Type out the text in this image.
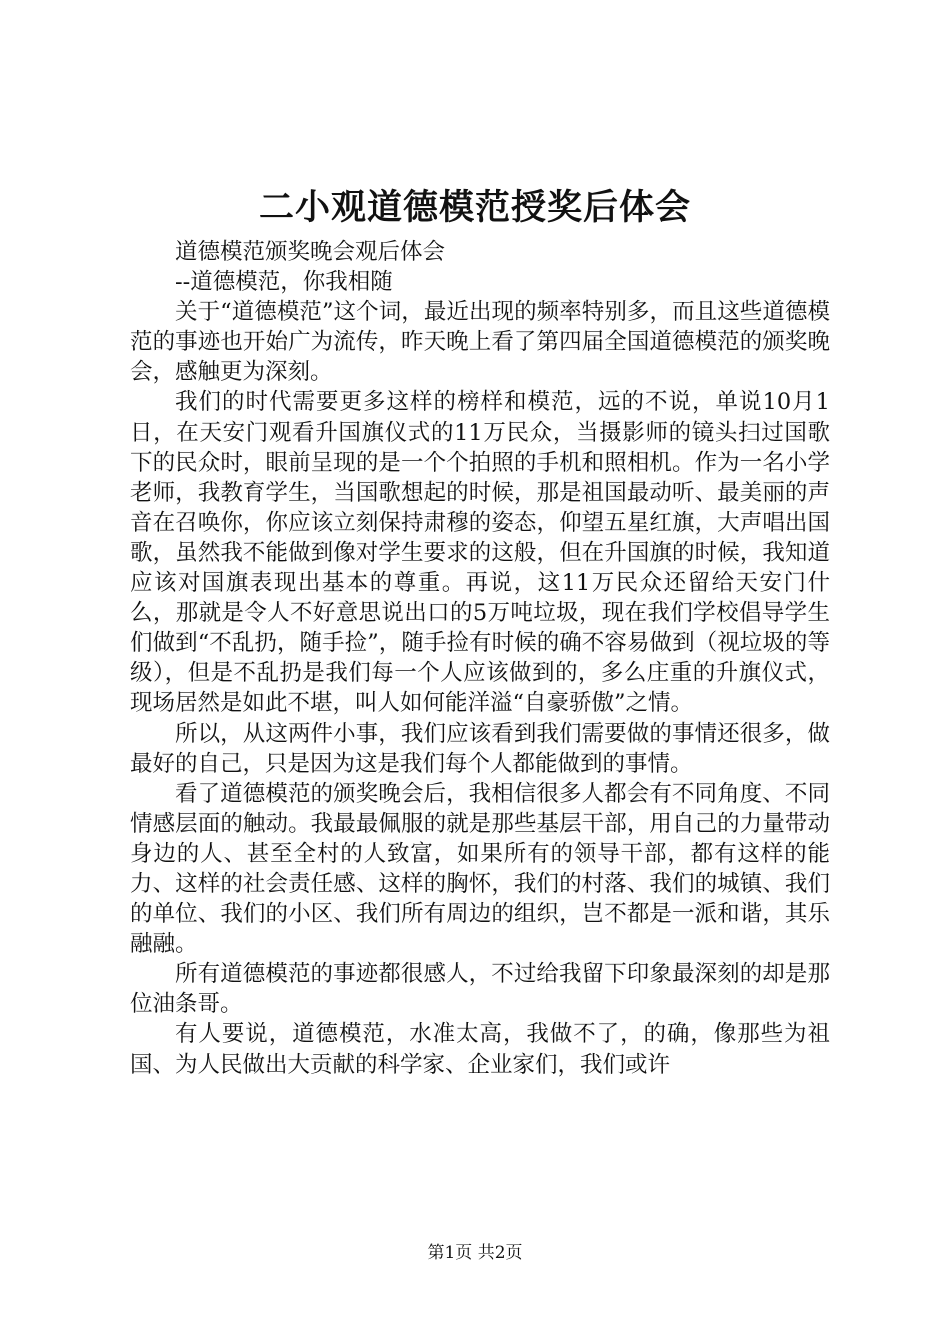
二小观道德模范授奖后体会

道德模范颁奖晚会观后体会

--道德模范，你我相随

关于“道德模范”这个词，最近出现的频率特别多，而且这些道德模范的事迹也开始广为流传，昨天晚上看了第四届全国道德模范的颁奖晚会，感触更为深刻。

我们的时代需要更多这样的榜样和模范，远的不说，单说10月1日，在天安门观看升国旗仪式的11万民众，当摄影师的镜头扫过国歌下的民众时，眼前呈现的是一个个拍照的手机和照相机。作为一名小学老师，我教育学生，当国歌想起的时候，那是祖国最动听、最美丽的声音在召唤你，你应该立刻保持肃穆的姿态，仰望五星红旗，大声唱出国歌，虽然我不能做到像对学生要求的这般，但在升国旗的时候，我知道应该对国旗表现出基本的尊重。再说，这11万民众还留给天安门什么，那就是令人不好意思说出口的5万吨垃圾，现在我们学校倡导学生们做到“不乱扔，随手捡”，随手捡有时候的确不容易做到（视垃圾的等级），但是不乱扔是我们每一个人应该做到的，多么庄重的升旗仪式，现场居然是如此不堪，叫人如何能洋溢“自豪骄傲”之情。

所以，从这两件小事，我们应该看到我们需要做的事情还很多，做最好的自己，只是因为这是我们每个人都能做到的事情。

看了道德模范的颁奖晚会后，我相信很多人都会有不同角度、不同情感层面的触动。我最最佩服的就是那些基层干部，用自己的力量带动身边的人、甚至全村的人致富，如果所有的领导干部，都有这样的能力、这样的社会责任感、这样的胸怀，我们的村落、我们的城镇、我们的单位、我们的小区、我们所有周边的组织，岂不都是一派和谐，其乐融融。

所有道德模范的事迹都很感人，不过给我留下印象最深刻的却是那位油条哥。

有人要说，道德模范，水准太高，我做不了，的确，像那些为祖国、为人民做出大贡献的科学家、企业家们，我们或许

第1页 共2页
